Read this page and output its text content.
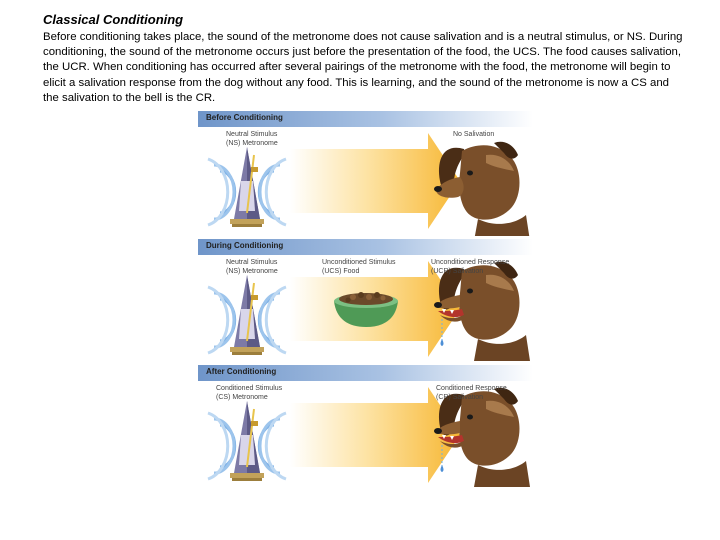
Classical Conditioning
Before conditioning takes place, the sound of the metronome does not cause salivation and is a neutral stimulus, or NS. During conditioning, the sound of the metronome occurs just before the presentation of the food, the UCS. The food causes salivation, the UCR. When conditioning has occurred after several pairings of the metronome with the food, the metronome will begin to elicit a salivation response from the dog without any food. This is learning, and the sound of the metronome is now a CS and the salivation to the bell is the CR.
Before Conditioning
Neutral Stimulus
(NS) Metronome
No Salivation
During Conditioning
Neutral Stimulus
(NS) Metronome
Unconditioned Stimulus
(UCS) Food
Unconditioned Response
(UCR) Salivation
After Conditioning
Conditioned Stimulus
(CS) Metronome
Conditioned Response
(CR) Salivation
